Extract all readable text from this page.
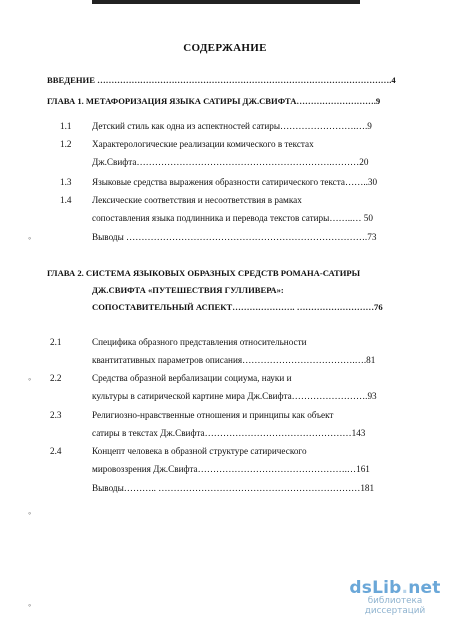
СОДЕРЖАНИЕ
ВВЕДЕНИЕ ………………………………………………………………………………………….4
ГЛАВА 1. МЕТАФОРИЗАЦИЯ ЯЗЫКА САТИРЫ ДЖ.СВИФТА……………………….9
1.1 Детский стиль как одна из аспектностей сатиры…………………….….9
1.2 Характерологические реализации комического в текстах
Дж.Свифта……………………………………………………….………20
1.3 Языковые средства выражения образности сатирического текста……..30
1.4 Лексические соответствия и несоответствия в рамках
сопоставления языка подлинника и перевода текстов сатиры……..… 50
Выводы …………………………………………………………………….73
ГЛАВА 2. СИСТЕМА ЯЗЫКОВЫХ ОБРАЗНЫХ СРЕДСТВ РОМАНА-САТИРЫ
ДЖ.СВИФТА «ПУТЕШЕСТВИЯ ГУЛЛИВЕРА»:
СОПОСТАВИТЕЛЬНЫЙ АСПЕКТ…………………. ………………………76
2.1	Специфика образного представления относительности
квантитативных параметров описания……………………………….….81
2.2	Средства образной вербализации социума, науки и
культуры в сатирической картине мира Дж.Свифта…………………….93
2.3	Религиозно-нравственные отношения и принципы как объект
сатиры в текстах Дж.Свифта…………………………………………143
2.4	Концепт человека в образной структуре сатирического
мировоззрения Дж.Свифта………………………………………….…161
Выводы……….. …………………………………………………………181
◦
◦
◦
◦
dsLib.net
библиотека диссертаций
